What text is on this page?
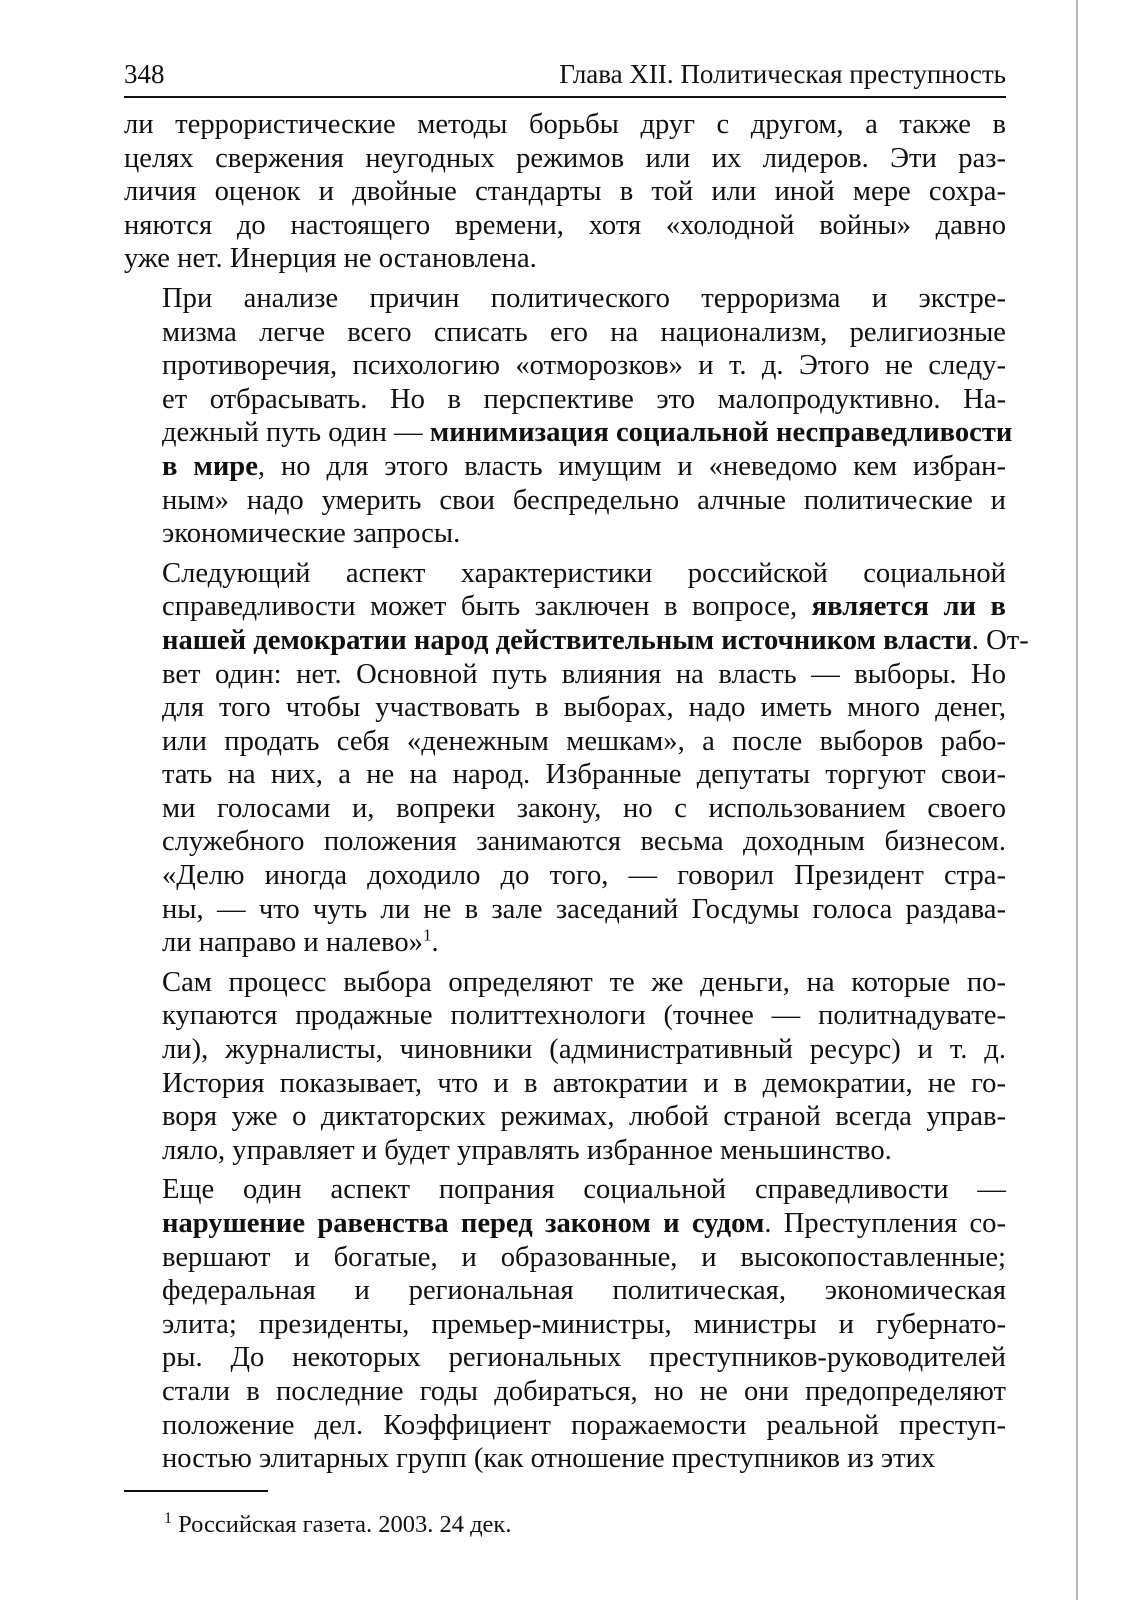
348	Глава XII. Политическая преступность

ли террористические методы борьбы друг с другом, а также в
целях свержения неугодных режимов или их лидеров. Эти раз-
личия оценок и двойные стандарты в той или иной мере сохра-
няются до настоящего времени, хотя «холодной войны» давно
уже нет. Инерция не остановлена.

При анализе причин политического терроризма и экстре-
мизма легче всего списать его на национализм, религиозные
противоречия, психологию «отморозков» и т. д. Этого не следу-
ет отбрасывать. Но в перспективе это малопродуктивно. На-
дежный путь один — минимизация социальной несправедливости
в мире, но для этого власть имущим и «неведомо кем избран-
ным» надо умерить свои беспредельно алчные политические и
экономические запросы.

Следующий аспект характеристики российской социальной
справедливости может быть заключен в вопросе, является ли в
нашей демократии народ действительным источником власти. От-
вет один: нет. Основной путь влияния на власть — выборы. Но
для того чтобы участвовать в выборах, надо иметь много денег,
или продать себя «денежным мешкам», а после выборов рабо-
тать на них, а не на народ. Избранные депутаты торгуют свои-
ми голосами и, вопреки закону, но с использованием своего
служебного положения занимаются весьма доходным бизнесом.
«Делю иногда доходило до того, — говорил Президент стра-
ны, — что чуть ли не в зале заседаний Госдумы голоса раздава-
ли направо и налево»$^1$.

Сам процесс выбора определяют те же деньги, на которые по-
купаются продажные политтехнологи (точнее — политнадувате-
ли), журналисты, чиновники (административный ресурс) и т. д.
История показывает, что и в автократии и в демократии, не го-
воря уже о диктаторских режимах, любой страной всегда управ-
ляло, управляет и будет управлять избранное меньшинство.

Еще один аспект попрания социальной справедливости —
нарушение равенства перед законом и судом. Преступления со-
вершают и богатые, и образованные, и высокопоставленные;
федеральная и региональная политическая, экономическая
элита; президенты, премьер-министры, министры и губернато-
ры. До некоторых региональных преступников-руководителей
стали в последние годы добираться, но не они предопределяют
положение дел. Коэффициент поражаемости реальной преступ-
ностью элитарных групп (как отношение преступников из этих

$^1$ Российская газета. 2003. 24 дек.
